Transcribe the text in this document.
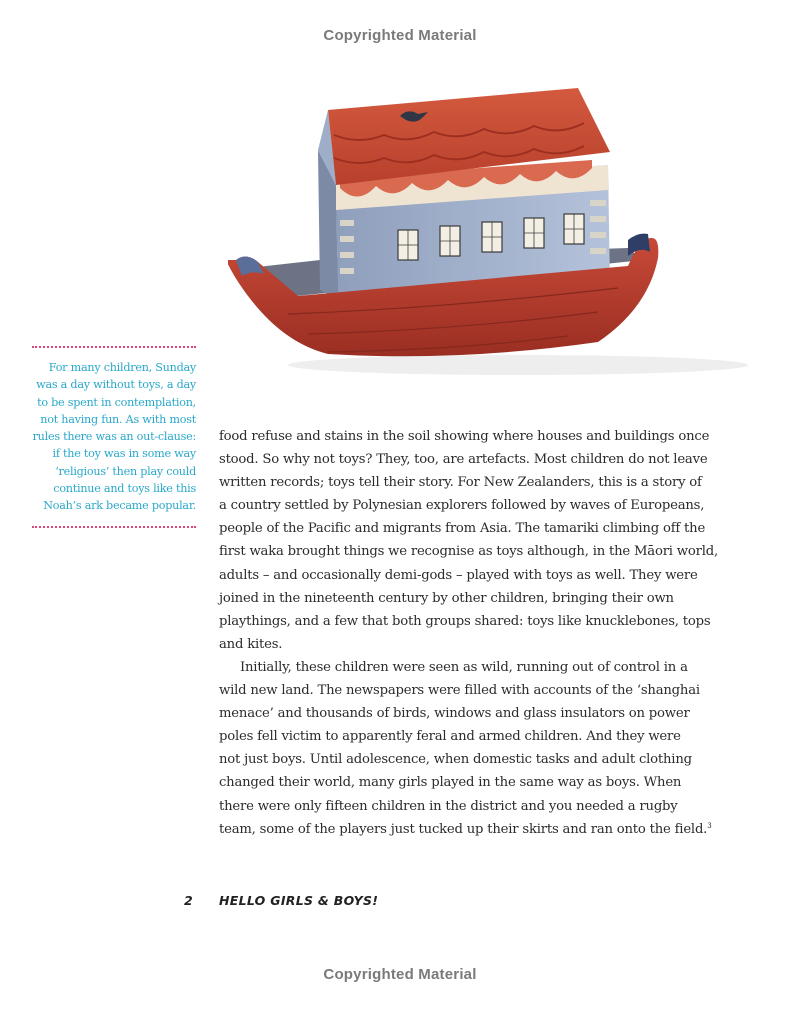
Copyrighted Material

For many children, Sunday
was a day without toys, a day
to be spent in contemplation,
not having fun. As with most
rules there was an out-clause:
if the toy was in some way
‘religious’ then play could
continue and toys like this
Noah’s ark became popular.

food refuse and stains in the soil showing where houses and buildings once
stood. So why not toys? They, too, are artefacts. Most children do not leave
written records; toys tell their story. For New Zealanders, this is a story of
a country settled by Polynesian explorers followed by waves of Europeans,
people of the Pacific and migrants from Asia. The tamariki climbing off the
first waka brought things we recognise as toys although, in the Māori world,
adults – and occasionally demi-gods – played with toys as well. They were
joined in the nineteenth century by other children, bringing their own
playthings, and a few that both groups shared: toys like knucklebones, tops
and kites.
Initially, these children were seen as wild, running out of control in a
wild new land. The newspapers were filled with accounts of the ‘shanghai
menace’ and thousands of birds, windows and glass insulators on power
poles fell victim to apparently feral and armed children. And they were
not just boys. Until adolescence, when domestic tasks and adult clothing
changed their world, many girls played in the same way as boys. When
there were only fifteen children in the district and you needed a rugby
team, some of the players just tucked up their skirts and ran onto the field.$^3$
2 HELLO GIRLS & BOYS!
Copyrighted Material
